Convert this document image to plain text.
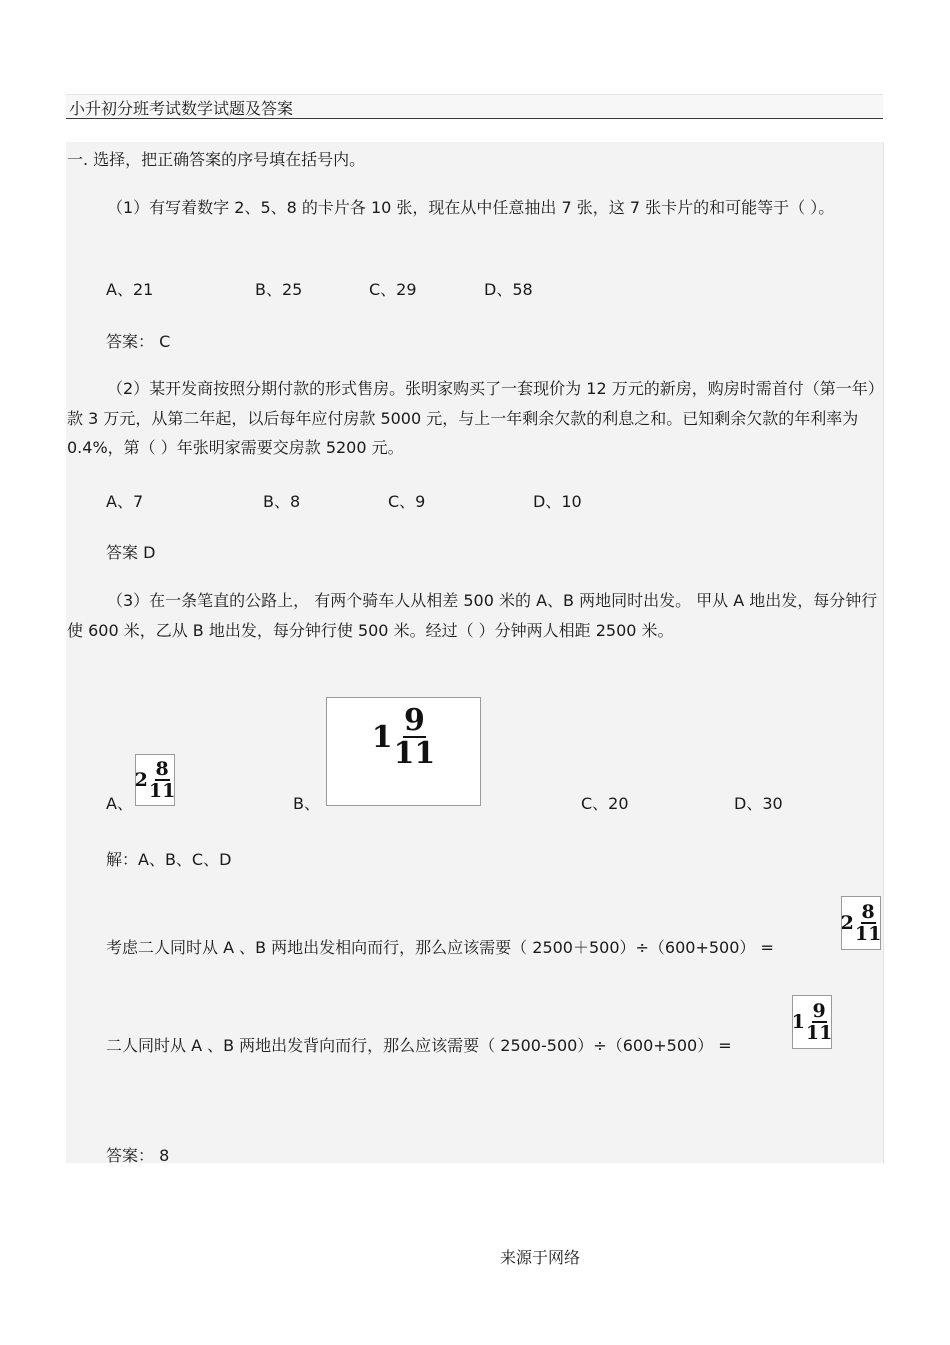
小升初分班考试数学试题及答案
一. 选择，把正确答案的序号填在括号内。
（1）有写着数字 2、5、8 的卡片各 10 张，现在从中任意抽出 7 张，这 7 张卡片的和可能等于（ ）。
A、21	B、25	C、29	D、58
答案： C
（2）某开发商按照分期付款的形式售房。张明家购买了一套现价为 12 万元的新房，购房时需首付（第一年）款 3 万元，从第二年起，以后每年应付房款 5000 元，与上一年剩余欠款的利息之和。已知剩余欠款的年利率为 0.4%，第（ ）年张明家需要交房款 5200 元。
A、7	B、8	C、9	D、10
答案 D
（3）在一条笔直的公路上， 有两个骑车人从相差 500 米的 A、B 两地同时出发。 甲从 A 地出发，每分钟行使 600 米，乙从 B 地出发，每分钟行使 500 米。经过（ ）分钟两人相距 2500 米。
A、
$2 \frac{8}{11}$
B、
$1 \frac{9}{11}$
C、20	D、30
解：A、B、C、D
考虑二人同时从 A 、B 两地出发相向而行，那么应该需要（ 2500＋500）÷（600+500） =
$2 \frac{8}{11}$
二人同时从 A 、B 两地出发背向而行，那么应该需要（ 2500-500）÷（600+500） =
$1 \frac{9}{11}$
答案： 8
来源于网络
